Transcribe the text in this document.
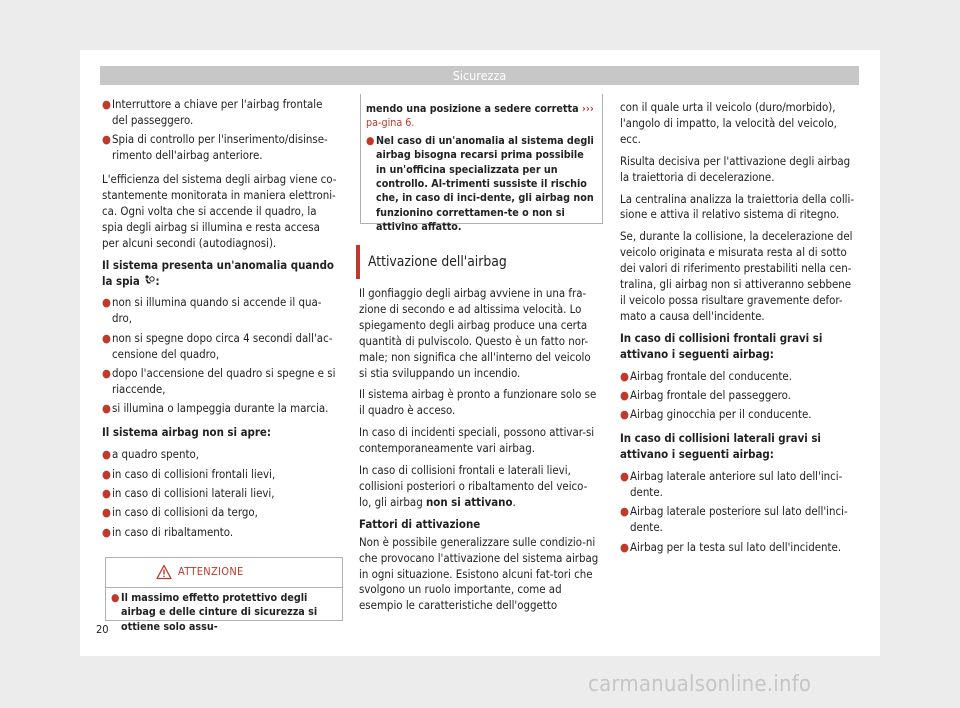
Sicurezza
● Interruttore a chiave per l'airbag frontale del passeggero.
● Spia di controllo per l'inserimento/disinse-rimento dell'airbag anteriore.

L'efficienza del sistema degli airbag viene co-stantemente monitorata in maniera elettroni-ca. Ogni volta che si accende il quadro, la spia degli airbag si illumina e resta accesa per alcuni secondi (autodiagnosi).

Il sistema presenta un'anomalia quando la spia :

● non si illumina quando si accende il qua-dro,
● non si spegne dopo circa 4 secondi dall'ac-censione del quadro,
● dopo l'accensione del quadro si spegne e si riaccende,
● si illumina o lampeggia durante la marcia.

Il sistema airbag non si apre:

● a quadro spento,
● in caso di collisioni frontali lievi,
● in caso di collisioni laterali lievi,
● in caso di collisioni da tergo,
● in caso di ribaltamento.
ATTENZIONE
● Il massimo effetto protettivo degli airbag e delle cinture di sicurezza si ottiene solo assu-

mendo una posizione a sedere corretta ››› pa-gina 6.

● Nel caso di un'anomalia al sistema degli airbag bisogna recarsi prima possibile in un'officina specializzata per un controllo. Al-trimenti sussiste il rischio che, in caso di inci-dente, gli airbag non funzionino correttamen-te o non si attivino affatto.
Attivazione dell'airbag

Il gonfiaggio degli airbag avviene in una fra-zione di secondo e ad altissima velocità. Lo spiegamento degli airbag produce una certa quantità di pulviscolo. Questo è un fatto nor-male; non significa che all'interno del veicolo si stia sviluppando un incendio.

Il sistema airbag è pronto a funzionare solo se il quadro è acceso.

In caso di incidenti speciali, possono attivar-si contemporaneamente vari airbag.

In caso di collisioni frontali e laterali lievi, collisioni posteriori o ribaltamento del veico-lo, gli airbag non si attivano.

Fattori di attivazione

Non è possibile generalizzare sulle condizio-ni che provocano l'attivazione del sistema airbag in ogni situazione. Esistono alcuni fat-tori che svolgono un ruolo importante, come ad esempio le caratteristiche dell'oggetto

con il quale urta il veicolo (duro/morbido), l'angolo di impatto, la velocità del veicolo, ecc.

Risulta decisiva per l'attivazione degli airbag la traiettoria di decelerazione.

La centralina analizza la traiettoria della colli-sione e attiva il relativo sistema di ritegno.

Se, durante la collisione, la decelerazione del veicolo originata e misurata resta al di sotto dei valori di riferimento prestabiliti nella cen-tralina, gli airbag non si attiveranno sebbene il veicolo possa risultare gravemente defor-mato a causa dell'incidente.

In caso di collisioni frontali gravi si attivano i seguenti airbag:

● Airbag frontale del conducente.
● Airbag frontale del passeggero.
● Airbag ginocchia per il conducente.

In caso di collisioni laterali gravi si attivano i seguenti airbag:

● Airbag laterale anteriore sul lato dell'inci-dente.
● Airbag laterale posteriore sul lato dell'inci-dente.
● Airbag per la testa sul lato dell'incidente.
20
carmanualsonline.info
